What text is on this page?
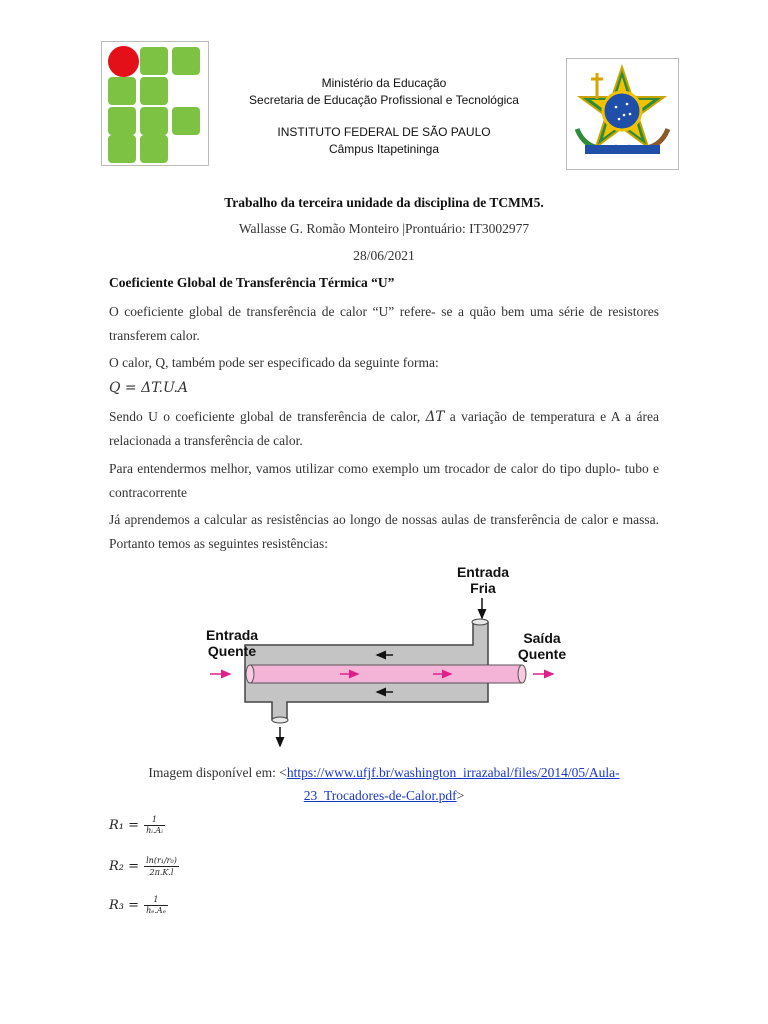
Ministério da Educação
Secretaria de Educação Profissional e Tecnológica
INSTITUTO FEDERAL DE SÃO PAULO
Câmpus Itapetininga
Trabalho da terceira unidade da disciplina de TCMM5.
Wallasse G. Romão Monteiro |Prontuário: IT3002977
28/06/2021
Coeficiente Global de Transferência Térmica “U”
O coeficiente global de transferência de calor “U” refere- se a quão bem uma série de resistores transferem calor.
O calor, Q, também pode ser especificado da seguinte forma:
Q = ΔT.U.A
Sendo U o coeficiente global de transferência de calor, ΔT a variação de temperatura e A a área relacionada a transferência de calor.
Para entendermos melhor, vamos utilizar como exemplo um trocador de calor do tipo duplo- tubo e contracorrente
Já aprendemos a calcular as resistências ao longo de nossas aulas de transferência de calor e massa. Portanto temos as seguintes resistências:
Entrada
Fria
Entrada
Quente
Saída
Quente
Imagem disponível em: <https://www.ufjf.br/washington_irrazabal/files/2014/05/Aula-
23_Trocadores-de-Calor.pdf>
$R_1 = \frac{1}{\text{hᵢ.Aᵢ}}$
$R_2 = \frac{\text{ln(r₁/r₀)}}{2\pi.K.l}$
$R_3 = \frac{1}{\text{hₑ.Aₑ}}$
